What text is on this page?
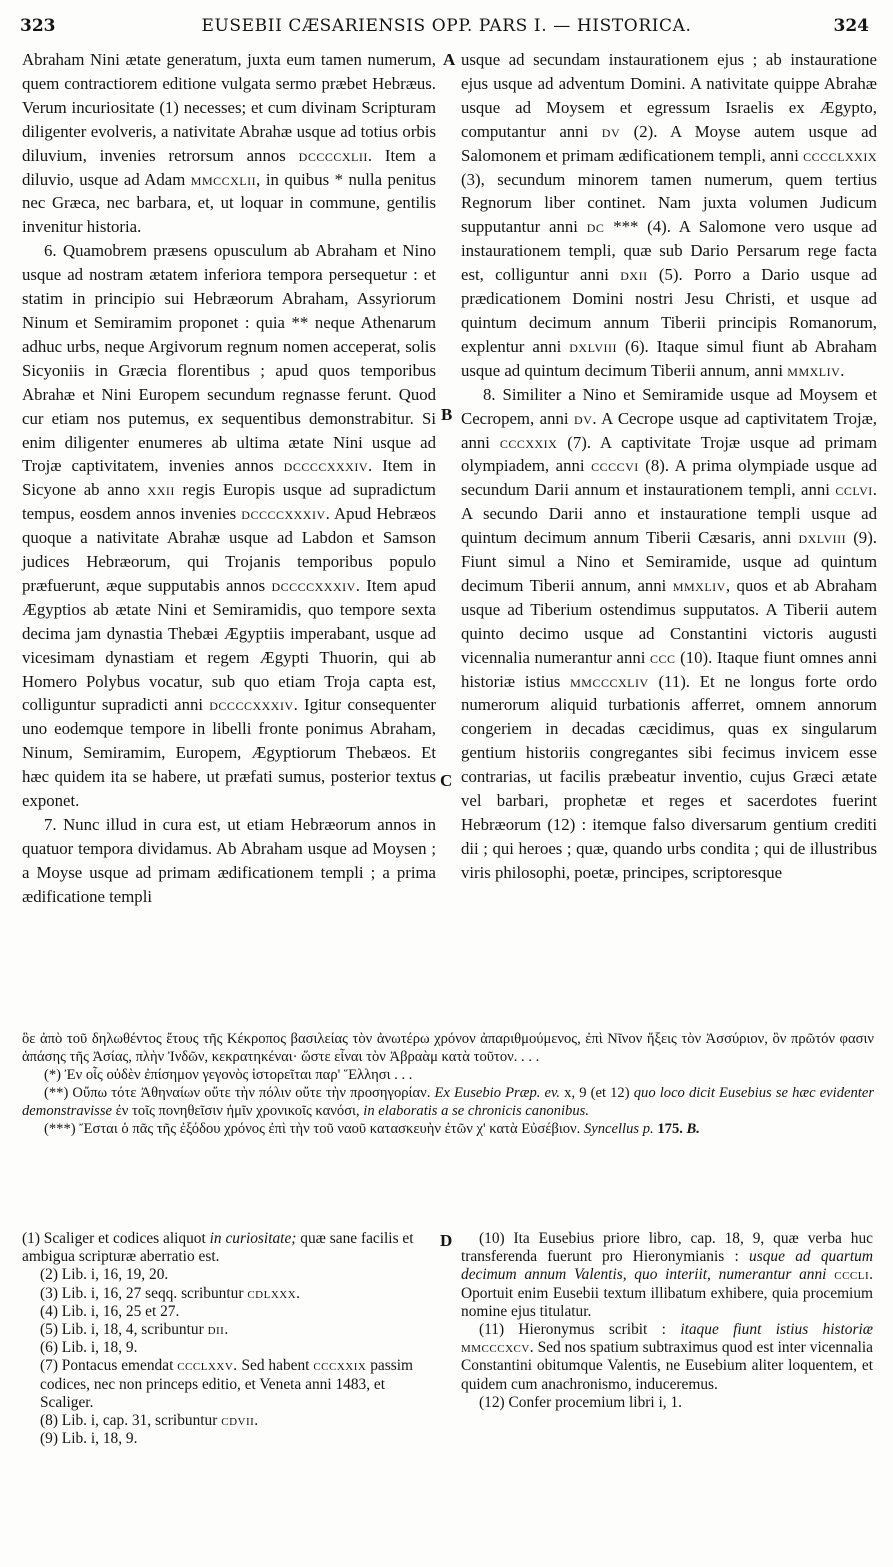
323	EUSEBII CÆSARIENSIS OPP. PARS I. — HISTORICA.	324
A
B
C
D

Abraham Nini ætate generatum, juxta eum tamen numerum, quem contractiorem editione vulgata sermo præbet Hebræus. Verum incuriositate (1) necesses; et cum divinam Scripturam diligenter evolveris, a nativitate Abrahæ usque ad totius orbis diluvium, invenies retrorsum annos dccccxlii. Item a diluvio, usque ad Adam mmccxlii, in quibus * nulla penitus nec Græca, nec barbara, et, ut loquar in commune, gentilis invenitur historia.

6. Quamobrem præsens opusculum ab Abraham et Nino usque ad nostram ætatem inferiora tempora persequetur : et statim in principio sui Hebræorum Abraham, Assyriorum Ninum et Semiramim proponet : quia ** neque Athenarum adhuc urbs, neque Argivorum regnum nomen acceperat, solis Sicyoniis in Græcia florentibus ; apud quos temporibus Abrahæ et Nini Europem secundum regnasse ferunt. Quod cur etiam nos putemus, ex sequentibus demonstrabitur. Si enim diligenter enumeres ab ultima ætate Nini usque ad Trojæ captivitatem, invenies annos dccccxxxiv. Item in Sicyone ab anno xxii regis Europis usque ad supradictum tempus, eosdem annos invenies dccccxxxiv. Apud Hebræos quoque a nativitate Abrahæ usque ad Labdon et Samson judices Hebræorum, qui Trojanis temporibus populo præfuerunt, æque supputabis annos dccccxxxiv. Item apud Ægyptios ab ætate Nini et Semiramidis, quo tempore sexta decima jam dynastia Thebæi Ægyptiis imperabant, usque ad vicesimam dynastiam et regem Ægypti Thuorin, qui ab Homero Polybus vocatur, sub quo etiam Troja capta est, colliguntur supradicti anni dccccxxxiv. Igitur consequenter uno eodemque tempore in libelli fronte ponimus Abraham, Ninum, Semiramim, Europem, Ægyptiorum Thebæos. Et hæc quidem ita se habere, ut præfati sumus, posterior textus exponet.

7. Nunc illud in cura est, ut etiam Hebræorum annos in quatuor tempora dividamus. Ab Abraham usque ad Moysen ; a Moyse usque ad primam ædificationem templi ; a prima ædificatione templi

usque ad secundam instaurationem ejus ; ab instauratione ejus usque ad adventum Domini. A nativitate quippe Abrahæ usque ad Moysem et egressum Israelis ex Ægypto, computantur anni dv (2). A Moyse autem usque ad Salomonem et primam ædificationem templi, anni cccclxxix (3), secundum minorem tamen numerum, quem tertius Regnorum liber continet. Nam juxta volumen Judicum supputantur anni dc *** (4). A Salomone vero usque ad instaurationem templi, quæ sub Dario Persarum rege facta est, colliguntur anni dxii (5). Porro a Dario usque ad prædicationem Domini nostri Jesu Christi, et usque ad quintum decimum annum Tiberii principis Romanorum, explentur anni dxlviii (6). Itaque simul fiunt ab Abraham usque ad quintum decimum Tiberii annum, anni mmxliv.

8. Similiter a Nino et Semiramide usque ad Moysem et Cecropem, anni dv. A Cecrope usque ad captivitatem Trojæ, anni cccxxix (7). A captivitate Trojæ usque ad primam olympiadem, anni ccccvi (8). A prima olympiade usque ad secundum Darii annum et instaurationem templi, anni cclvi. A secundo Darii anno et instauratione templi usque ad quintum decimum annum Tiberii Cæsaris, anni dxlviii (9). Fiunt simul a Nino et Semiramide, usque ad quintum decimum Tiberii annum, anni mmxliv, quos et ab Abraham usque ad Tiberium ostendimus supputatos. A Tiberii autem quinto decimo usque ad Constantini victoris augusti vicennalia numerantur anni ccc (10). Itaque fiunt omnes anni historiæ istius mmcccxliv (11). Et ne longus forte ordo numerorum aliquid turbationis afferret, omnem annorum congeriem in decadas cæcidimus, quas ex singularum gentium historiis congregantes sibi fecimus invicem esse contrarias, ut facilis præbeatur inventio, cujus Græci ætate vel barbari, prophetæ et reges et sacerdotes fuerint Hebræorum (12) : itemque falso diversarum gentium crediti dii ; qui heroes ; quæ, quando urbs condita ; qui de illustribus viris philosophi, poetæ, principes, scriptoresque

ὃε ἀπὸ τοῦ δηλωθέντος ἔτους τῆς Κέκροπος βασιλείας τὸν ἀνωτέρω χρόνον ἀπαριθμούμενος, ἐπὶ Νῖνον ἥξεις τὸν Ἀσσύριον, ὃν πρῶτόν φασιν ἁπάσης τῆς Ἀσίας, πλὴν Ἰνδῶν, κεκρατηκέναι· ὥστε εἶναι τὸν Ἀβραὰμ κατὰ τοῦτον. . . .

(*) Ἐν οἷς οὐδὲν ἐπίσημον γεγονὸς ἱστορεῖται παρ' Ἕλλησι . . .

(**) Οὔπω τότε Ἀθηναίων οὔτε τὴν πόλιν οὔτε τὴν προσηγορίαν. Ex Eusebio Præp. ev. x, 9 (et 12) quo loco dicit Eusebius se hæc evidenter demonstravisse ἐν τοῖς πονηθεῖσιν ἡμῖν χρονικοῖς κανόσι, in elaboratis a se chronicis canonibus.

(***) Ἔσται ὁ πᾶς τῆς ἐξόδου χρόνος ἐπὶ τὴν τοῦ ναοῦ κατασκευὴν ἐτῶν χ' κατὰ Εὐσέβιον. Syncellus p. 175. B.

(1) Scaliger et codices aliquot in curiositate; quæ sane facilis et ambigua scripturæ aberratio est.

(2) Lib. i, 16, 19, 20.

(3) Lib. i, 16, 27 seqq. scribuntur cdlxxx.

(4) Lib. i, 16, 25 et 27.

(5) Lib. i, 18, 4, scribuntur dii.

(6) Lib. i, 18, 9.

(7) Pontacus emendat ccclxxv. Sed habent cccxxix passim codices, nec non princeps editio, et Veneta anni 1483, et Scaliger.

(8) Lib. i, cap. 31, scribuntur cdvii.

(9) Lib. i, 18, 9.

(10) Ita Eusebius priore libro, cap. 18, 9, quæ verba huc transferenda fuerunt pro Hieronymianis : usque ad quartum decimum annum Valentis, quo interiit, numerantur anni cccli. Oportuit enim Eusebii textum illibatum exhibere, quia procemium nomine ejus titulatur.

(11) Hieronymus scribit : itaque fiunt istius historiæ mmcccxcv. Sed nos spatium subtraximus quod est inter vicennalia Constantini obitumque Valentis, ne Eusebium aliter loquentem, et quidem cum anachronismo, induceremus.

(12) Confer procemium libri i, 1.
